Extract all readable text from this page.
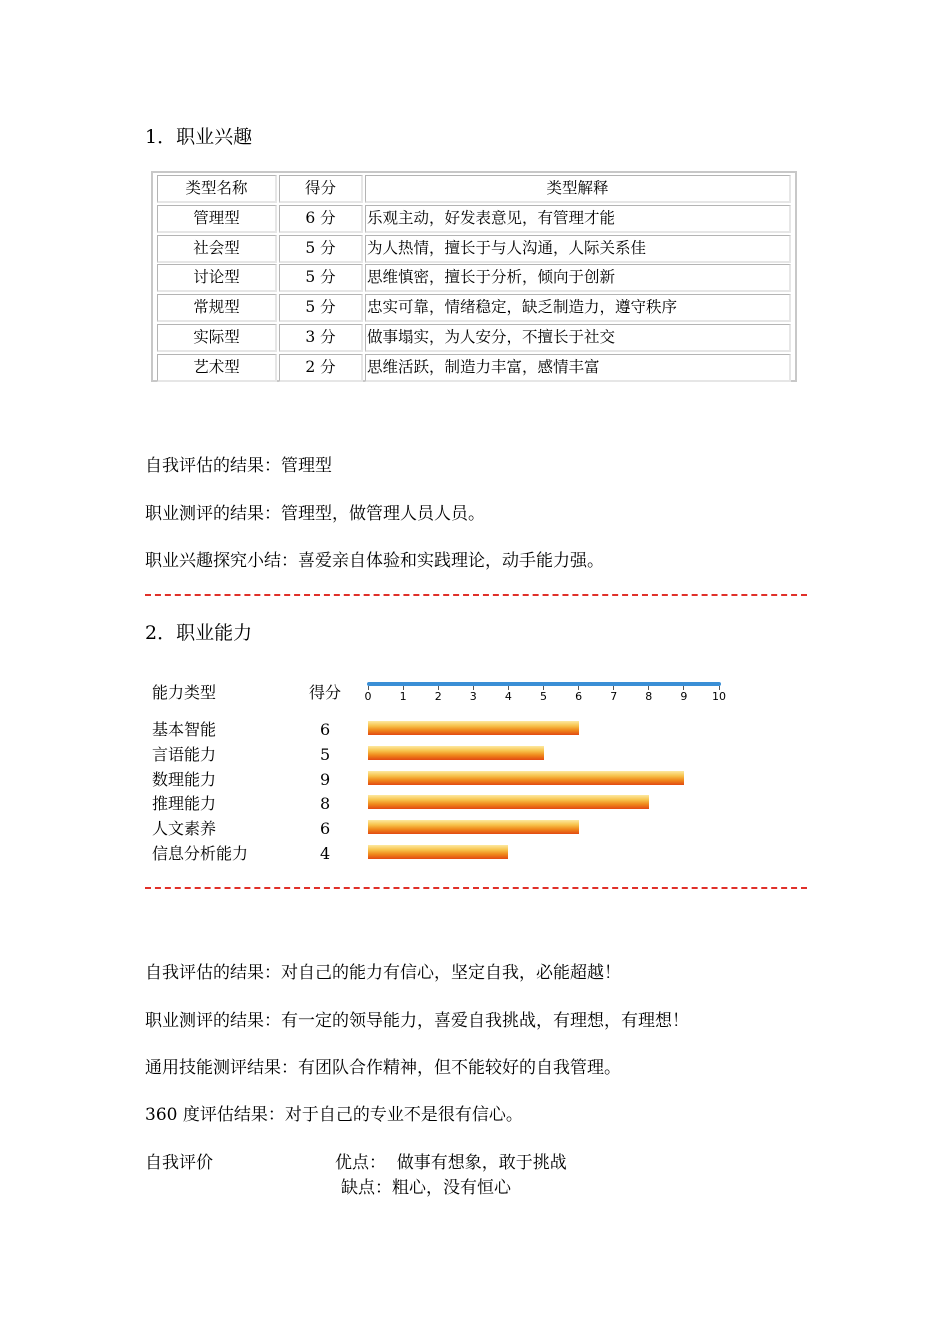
1．职业兴趣
类型名称	得分	类型解释
管理型	6 分	乐观主动，好发表意见，有管理才能
社会型	5 分	为人热情，擅长于与人沟通，人际关系佳
讨论型	5 分	思维慎密，擅长于分析，倾向于创新
常规型	5 分	忠实可靠，情绪稳定，缺乏制造力，遵守秩序
实际型	3 分	做事塌实，为人安分，不擅长于社交
艺术型	2 分	思维活跃，制造力丰富，感情丰富
自我评估的结果：管理型
职业测评的结果：管理型，做管理人员人员。
职业兴趣探究小结：喜爱亲自体验和实践理论，动手能力强。
2．职业能力
能力类型	得分	0	1	2	3	4	5	6	7	8	9	10
基本智能	6
言语能力	5
数理能力	9
推理能力	8
人文素养	6
信息分析能力	4
自我评估的结果：对自己的能力有信心，坚定自我，必能超越！
职业测评的结果：有一定的领导能力，喜爱自我挑战，有理想，有理想！
通用技能测评结果：有团队合作精神，但不能较好的自我管理。
360 度评估结果：对于自己的专业不是很有信心。
自我评价	优点：  做事有想象，敢于挑战
缺点：粗心，没有恒心
